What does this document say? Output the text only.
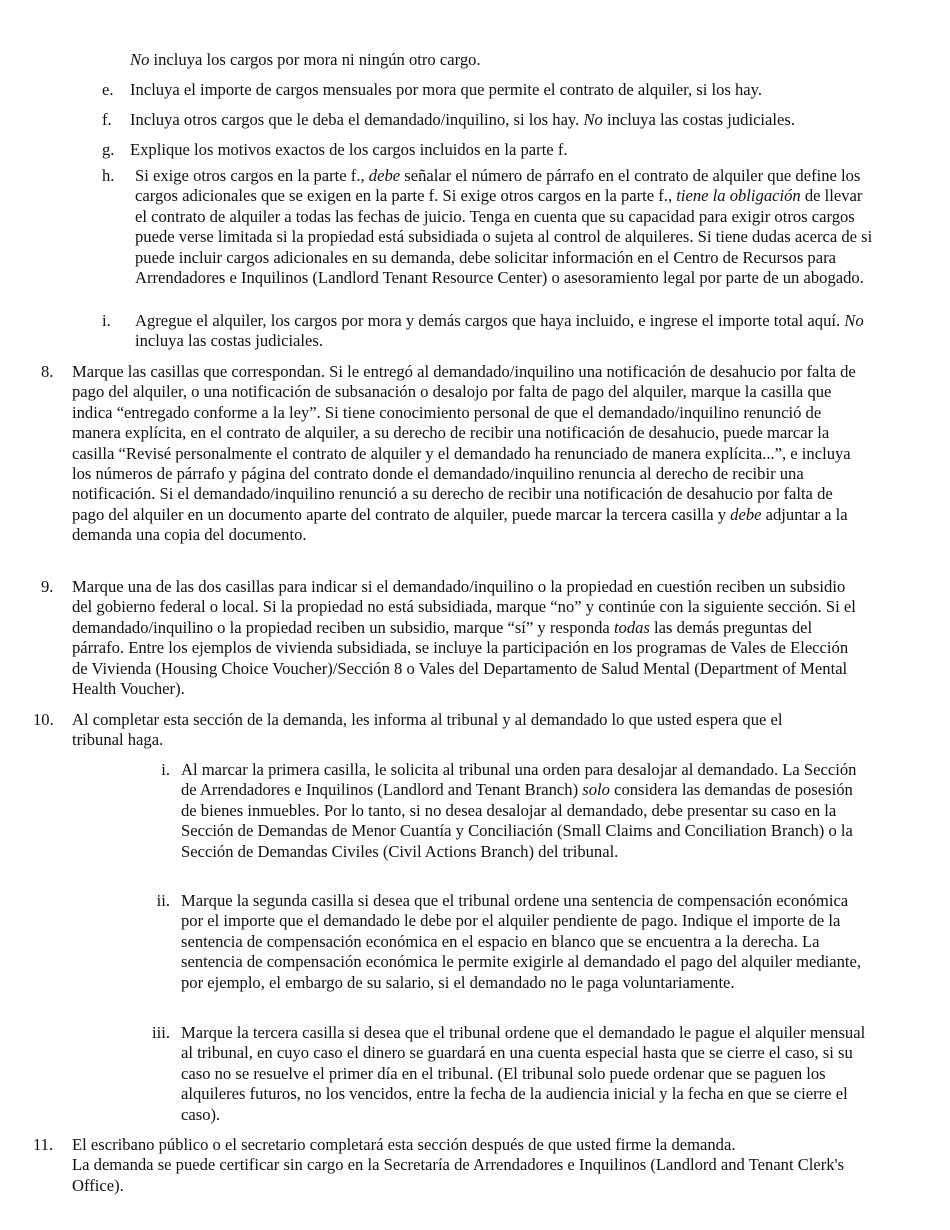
No incluya los cargos por mora ni ningún otro cargo.

e. Incluya el importe de cargos mensuales por mora que permite el contrato de alquiler, si los hay.

f. Incluya otros cargos que le deba el demandado/inquilino, si los hay. No incluya las costas judiciales.

g. Explique los motivos exactos de los cargos incluidos en la parte f.

h. Si exige otros cargos en la parte f., debe señalar el número de párrafo en el contrato de alquiler que define los cargos adicionales que se exigen en la parte f. Si exige otros cargos en la parte f., tiene la obligación de llevar el contrato de alquiler a todas las fechas de juicio. Tenga en cuenta que su capacidad para exigir otros cargos puede verse limitada si la propiedad está subsidiada o sujeta al control de alquileres. Si tiene dudas acerca de si puede incluir cargos adicionales en su demanda, debe solicitar información en el Centro de Recursos para Arrendadores e Inquilinos (Landlord Tenant Resource Center) o asesoramiento legal por parte de un abogado.

i. Agregue el alquiler, los cargos por mora y demás cargos que haya incluido, e ingrese el importe total aquí. No incluya las costas judiciales.

8. Marque las casillas que correspondan. Si le entregó al demandado/inquilino una notificación de desahucio por falta de pago del alquiler, o una notificación de subsanación o desalojo por falta de pago del alquiler, marque la casilla que indica “entregado conforme a la ley”. Si tiene conocimiento personal de que el demandado/inquilino renunció de manera explícita, en el contrato de alquiler, a su derecho de recibir una notificación de desahucio, puede marcar la casilla “Revisé personalmente el contrato de alquiler y el demandado ha renunciado de manera explícita...”, e incluya los números de párrafo y página del contrato donde el demandado/inquilino renuncia al derecho de recibir una notificación. Si el demandado/inquilino renunció a su derecho de recibir una notificación de desahucio por falta de pago del alquiler en un documento aparte del contrato de alquiler, puede marcar la tercera casilla y debe adjuntar a la demanda una copia del documento.

9. Marque una de las dos casillas para indicar si el demandado/inquilino o la propiedad en cuestión reciben un subsidio del gobierno federal o local. Si la propiedad no está subsidiada, marque “no” y continúe con la siguiente sección. Si el demandado/inquilino o la propiedad reciben un subsidio, marque “sí” y responda todas las demás preguntas del párrafo. Entre los ejemplos de vivienda subsidiada, se incluye la participación en los programas de Vales de Elección de Vivienda (Housing Choice Voucher)/Sección 8 o Vales del Departamento de Salud Mental (Department of Mental Health Voucher).

10. Al completar esta sección de la demanda, les informa al tribunal y al demandado lo que usted espera que el tribunal haga.

i. Al marcar la primera casilla, le solicita al tribunal una orden para desalojar al demandado. La Sección de Arrendadores e Inquilinos (Landlord and Tenant Branch) solo considera las demandas de posesión de bienes inmuebles. Por lo tanto, si no desea desalojar al demandado, debe presentar su caso en la Sección de Demandas de Menor Cuantía y Conciliación (Small Claims and Conciliation Branch) o la Sección de Demandas Civiles (Civil Actions Branch) del tribunal.

ii. Marque la segunda casilla si desea que el tribunal ordene una sentencia de compensación económica por el importe que el demandado le debe por el alquiler pendiente de pago. Indique el importe de la sentencia de compensación económica en el espacio en blanco que se encuentra a la derecha. La sentencia de compensación económica le permite exigirle al demandado el pago del alquiler mediante, por ejemplo, el embargo de su salario, si el demandado no le paga voluntariamente.

iii. Marque la tercera casilla si desea que el tribunal ordene que el demandado le pague el alquiler mensual al tribunal, en cuyo caso el dinero se guardará en una cuenta especial hasta que se cierre el caso, si su caso no se resuelve el primer día en el tribunal. (El tribunal solo puede ordenar que se paguen los alquileres futuros, no los vencidos, entre la fecha de la audiencia inicial y la fecha en que se cierre el caso).

11. El escribano público o el secretario completará esta sección después de que usted firme la demanda.
La demanda se puede certificar sin cargo en la Secretaría de Arrendadores e Inquilinos (Landlord and Tenant Clerk's Office).
